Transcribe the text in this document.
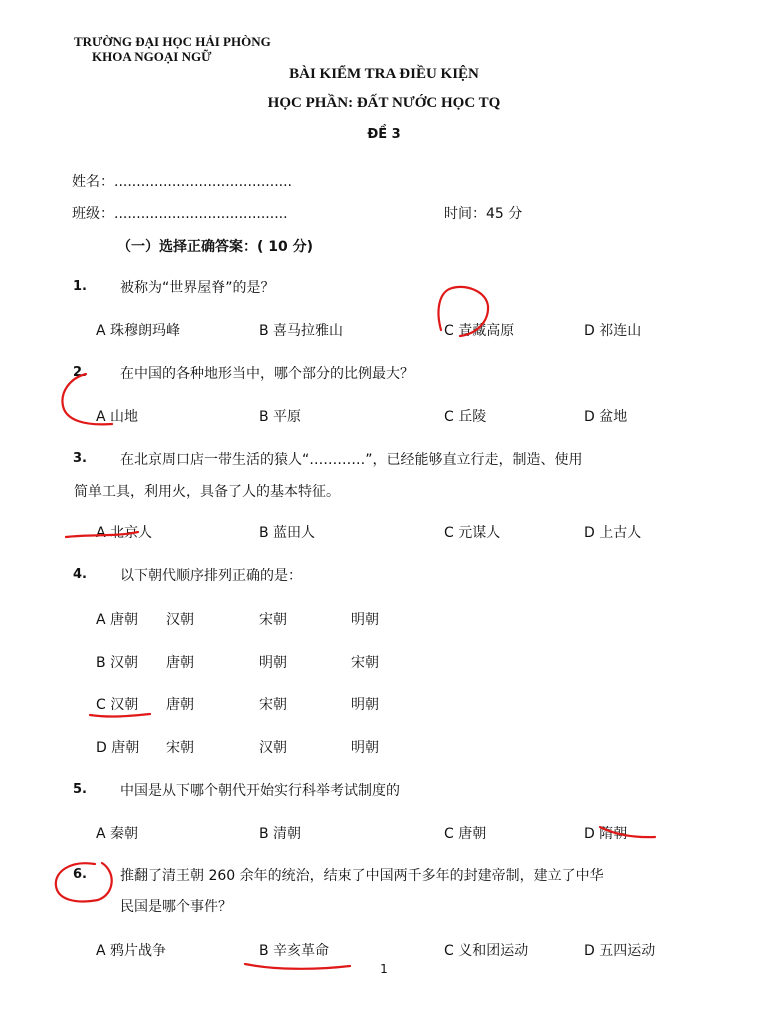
TRƯỜNG ĐẠI HỌC HẢI PHÒNG
KHOA NGOẠI NGỮ
BÀI KIỂM TRA ĐIỀU KIỆN
HỌC PHẦN: ĐẤT NƯỚC HỌC TQ
ĐỀ 3
姓名：........................................
班级：.......................................	时间：45 分
（一）选择正确答案：( 10 分)
1. 被称为“世界屋脊”的是？
A 珠穆朗玛峰	B 喜马拉雅山	C 青藏高原	D 祁连山
2. 在中国的各种地形当中，哪个部分的比例最大？
A 山地	B 平原	C 丘陵	D 盆地
3. 在北京周口店一带生活的猿人“…………”，已经能够直立行走，制造、使用
简单工具，利用火，具备了人的基本特征。
A 北京人	B 蓝田人	C 元谋人	D 上古人
4. 以下朝代顺序排列正确的是：
A 唐朝 汉朝	宋朝	明朝
B 汉朝 唐朝	明朝	宋朝
C 汉朝 唐朝	宋朝	明朝
D 唐朝 宋朝	汉朝	明朝
5. 中国是从下哪个朝代开始实行科举考试制度的
A 秦朝	B 清朝	C 唐朝	D 隋朝
6. 推翻了清王朝 260 余年的统治，结束了中国两千多年的封建帝制，建立了中华
民国是哪个事件？
A 鸦片战争	B 辛亥革命	C 义和团运动	D 五四运动
1
